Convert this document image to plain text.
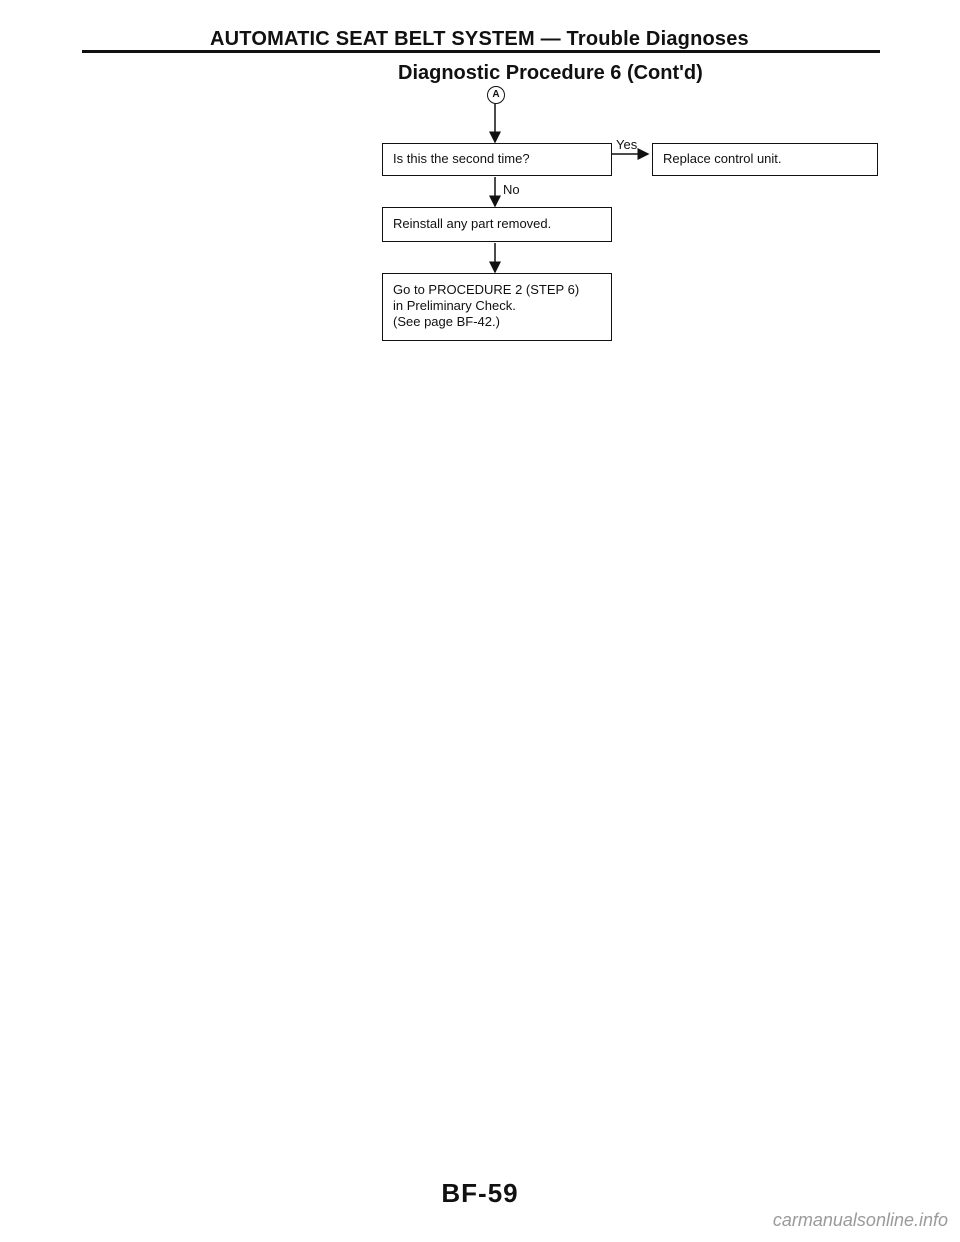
AUTOMATIC SEAT BELT SYSTEM — Trouble Diagnoses
Diagnostic Procedure 6 (Cont'd)
A
Is this the second time?
Yes
Replace control unit.
No
Reinstall any part removed.
Go to PROCEDURE 2 (STEP 6)
in Preliminary Check.
(See page BF-42.)
BF-59
carmanualsonline.info
